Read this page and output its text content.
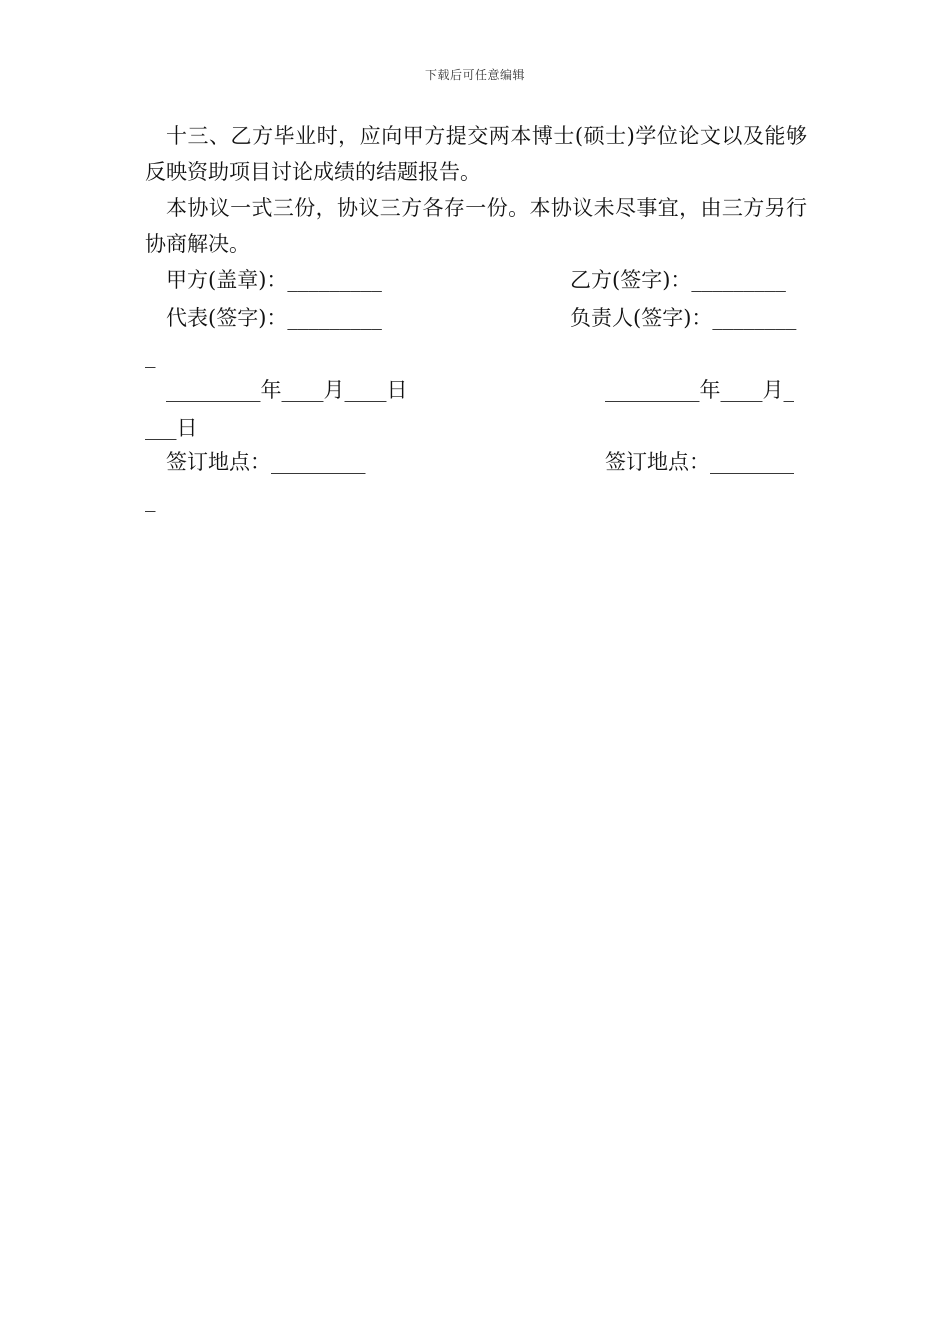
下载后可任意编辑

十三、乙方毕业时，应向甲方提交两本博士(硕士)学位论文以及能够反映资助项目讨论成绩的结题报告。

本协议一式三份，协议三方各存一份。本协议未尽事宜，由三方另行协商解决。

甲方(盖章)：_________	乙方(签字)：_________
代表(签字)：_________	负责人(签字)：________
_
_________年____月____日	_________年____月_
___日
签订地点：_________	签订地点：________
_
